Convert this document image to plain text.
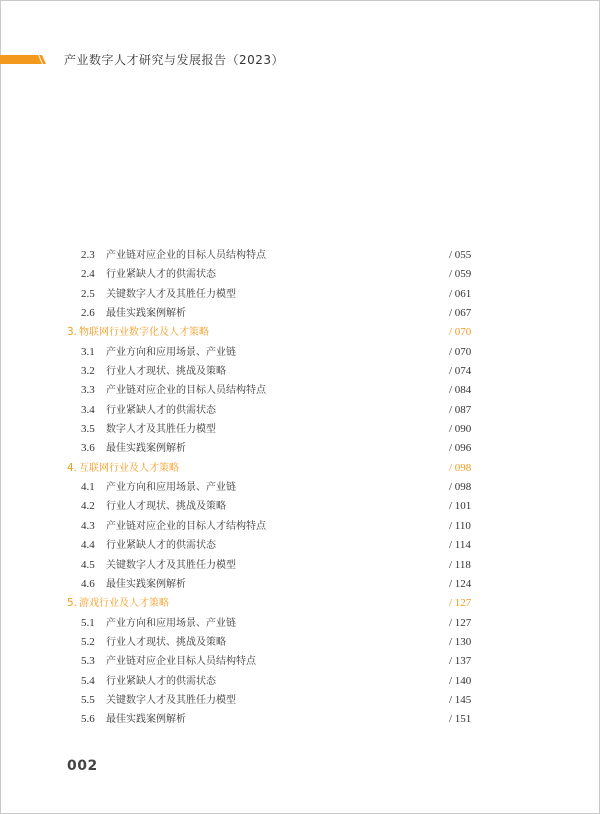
产业数字人才研究与发展报告（2023）
2.3 产业链对应企业的目标人员结构特点	/ 055
2.4 行业紧缺人才的供需状态	/ 059
2.5 关键数字人才及其胜任力模型	/ 061
2.6 最佳实践案例解析	/ 067
3. 物联网行业数字化及人才策略	/ 070
3.1 产业方向和应用场景、产业链	/ 070
3.2 行业人才现状、挑战及策略	/ 074
3.3 产业链对应企业的目标人员结构特点	/ 084
3.4 行业紧缺人才的供需状态	/ 087
3.5 数字人才及其胜任力模型	/ 090
3.6 最佳实践案例解析	/ 096
4. 互联网行业及人才策略	/ 098
4.1 产业方向和应用场景、产业链	/ 098
4.2 行业人才现状、挑战及策略	/ 101
4.3 产业链对应企业的目标人才结构特点	/ 110
4.4 行业紧缺人才的供需状态	/ 114
4.5 关键数字人才及其胜任力模型	/ 118
4.6 最佳实践案例解析	/ 124
5. 游戏行业及人才策略	/ 127
5.1 产业方向和应用场景、产业链	/ 127
5.2 行业人才现状、挑战及策略	/ 130
5.3 产业链对应企业目标人员结构特点	/ 137
5.4 行业紧缺人才的供需状态	/ 140
5.5 关键数字人才及其胜任力模型	/ 145
5.6 最佳实践案例解析	/ 151
002
